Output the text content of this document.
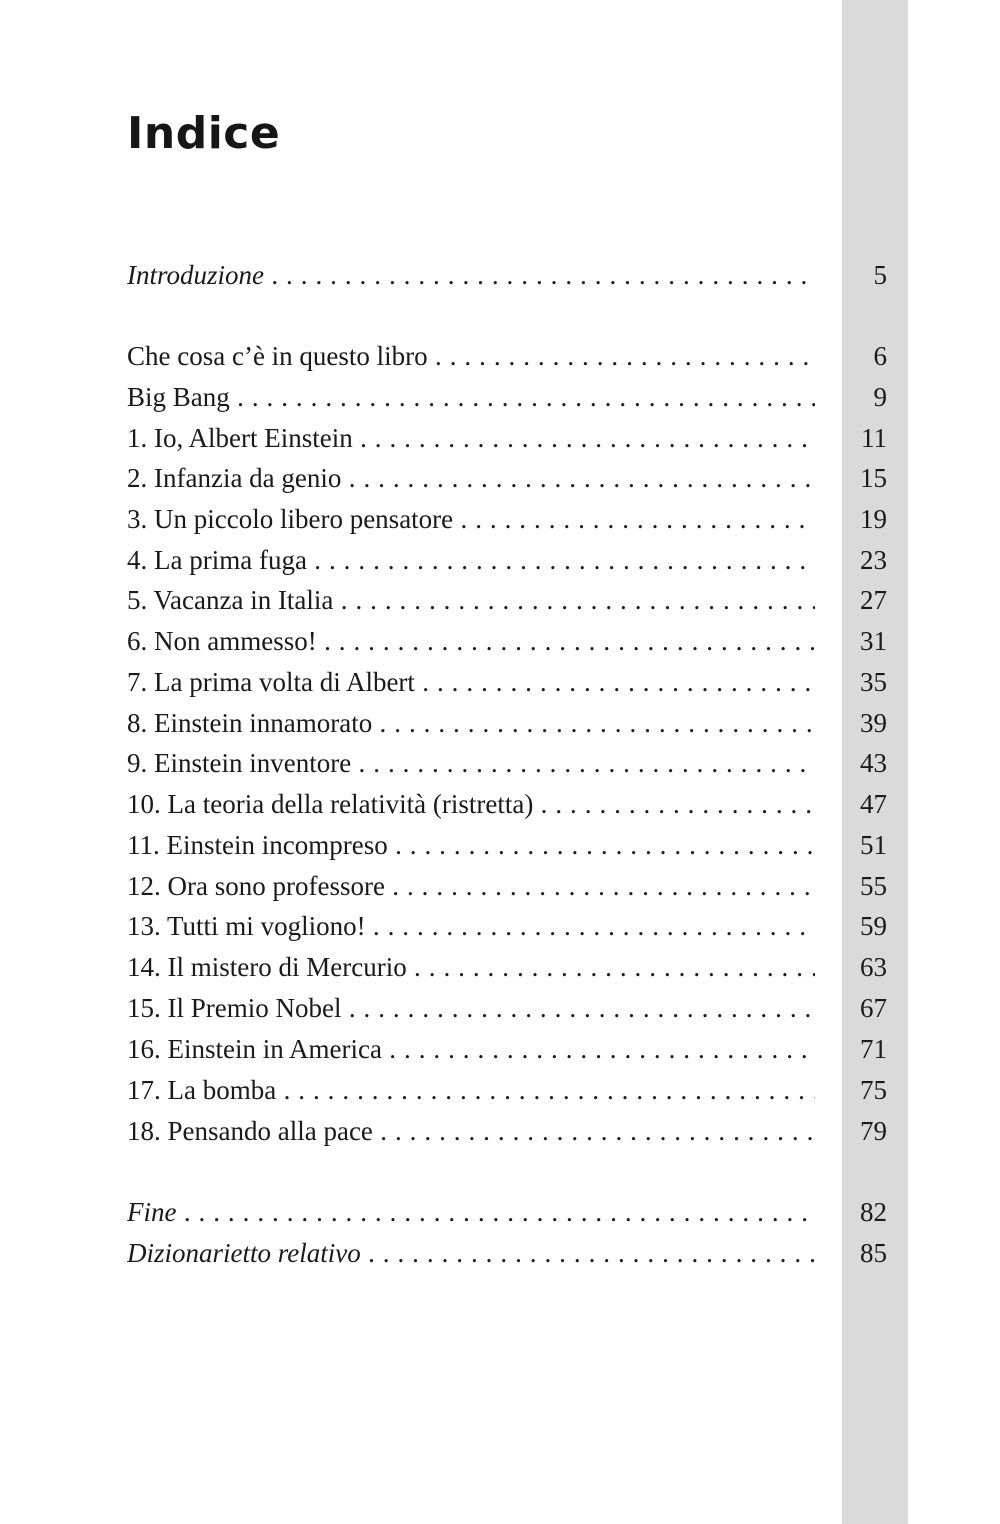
Indice
Introduzione . . .	5
Che cosa c’è in questo libro . . .	6
Big Bang . . .	9
1. Io, Albert Einstein . . .	11
2. Infanzia da genio . . .	15
3. Un piccolo libero pensatore . . .	19
4. La prima fuga . . .	23
5. Vacanza in Italia . . .	27
6. Non ammesso! . . .	31
7. La prima volta di Albert . . .	35
8. Einstein innamorato . . .	39
9. Einstein inventore . . .	43
10. La teoria della relatività (ristretta) . . .	47
11. Einstein incompreso . . .	51
12. Ora sono professore . . .	55
13. Tutti mi vogliono! . . .	59
14. Il mistero di Mercurio . . .	63
15. Il Premio Nobel . . .	67
16. Einstein in America . . .	71
17. La bomba . . .	75
18. Pensando alla pace . . .	79
Fine . . .	82
Dizionarietto relativo . . .	85
